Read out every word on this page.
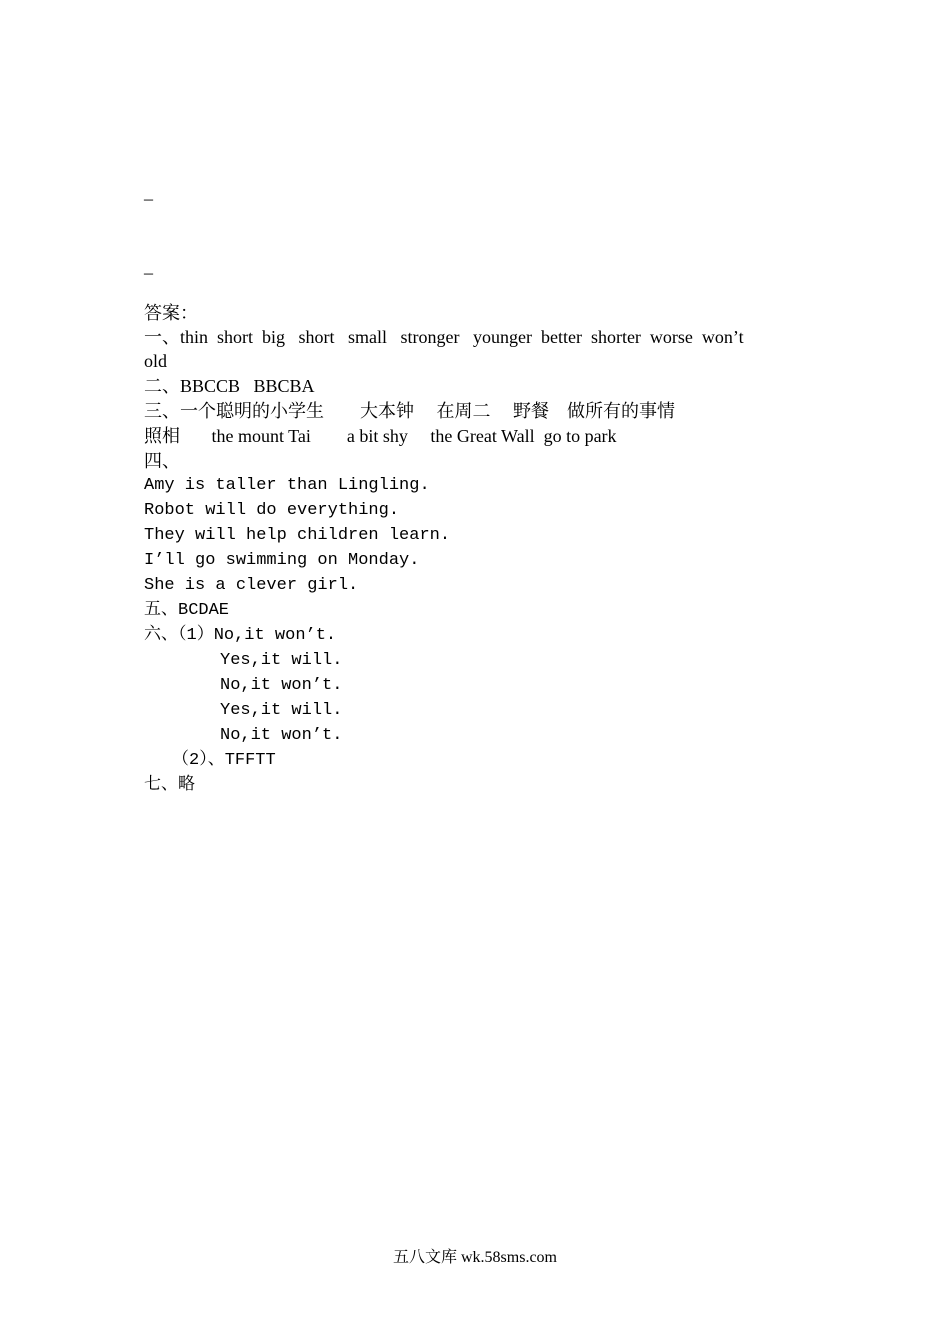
_
_
答案：
一、thin  short  big   short   small   stronger   younger  better  shorter  worse  won’t
old
二、BBCCB   BBCBA
三、一个聪明的小学生        大本钟     在周二     野餐    做所有的事情
照相       the mount Tai        a bit shy     the Great Wall  go to park
四、
Amy is taller than Lingling.
Robot will do everything.
They will help children learn.
I’ll go swimming on Monday.
She is a clever girl.
五、BCDAE
六、（1）No,it won’t.
Yes,it will.
No,it won’t.
Yes,it will.
No,it won’t.
（2）、TFFTT
七、略
五八文库 wk.58sms.com
